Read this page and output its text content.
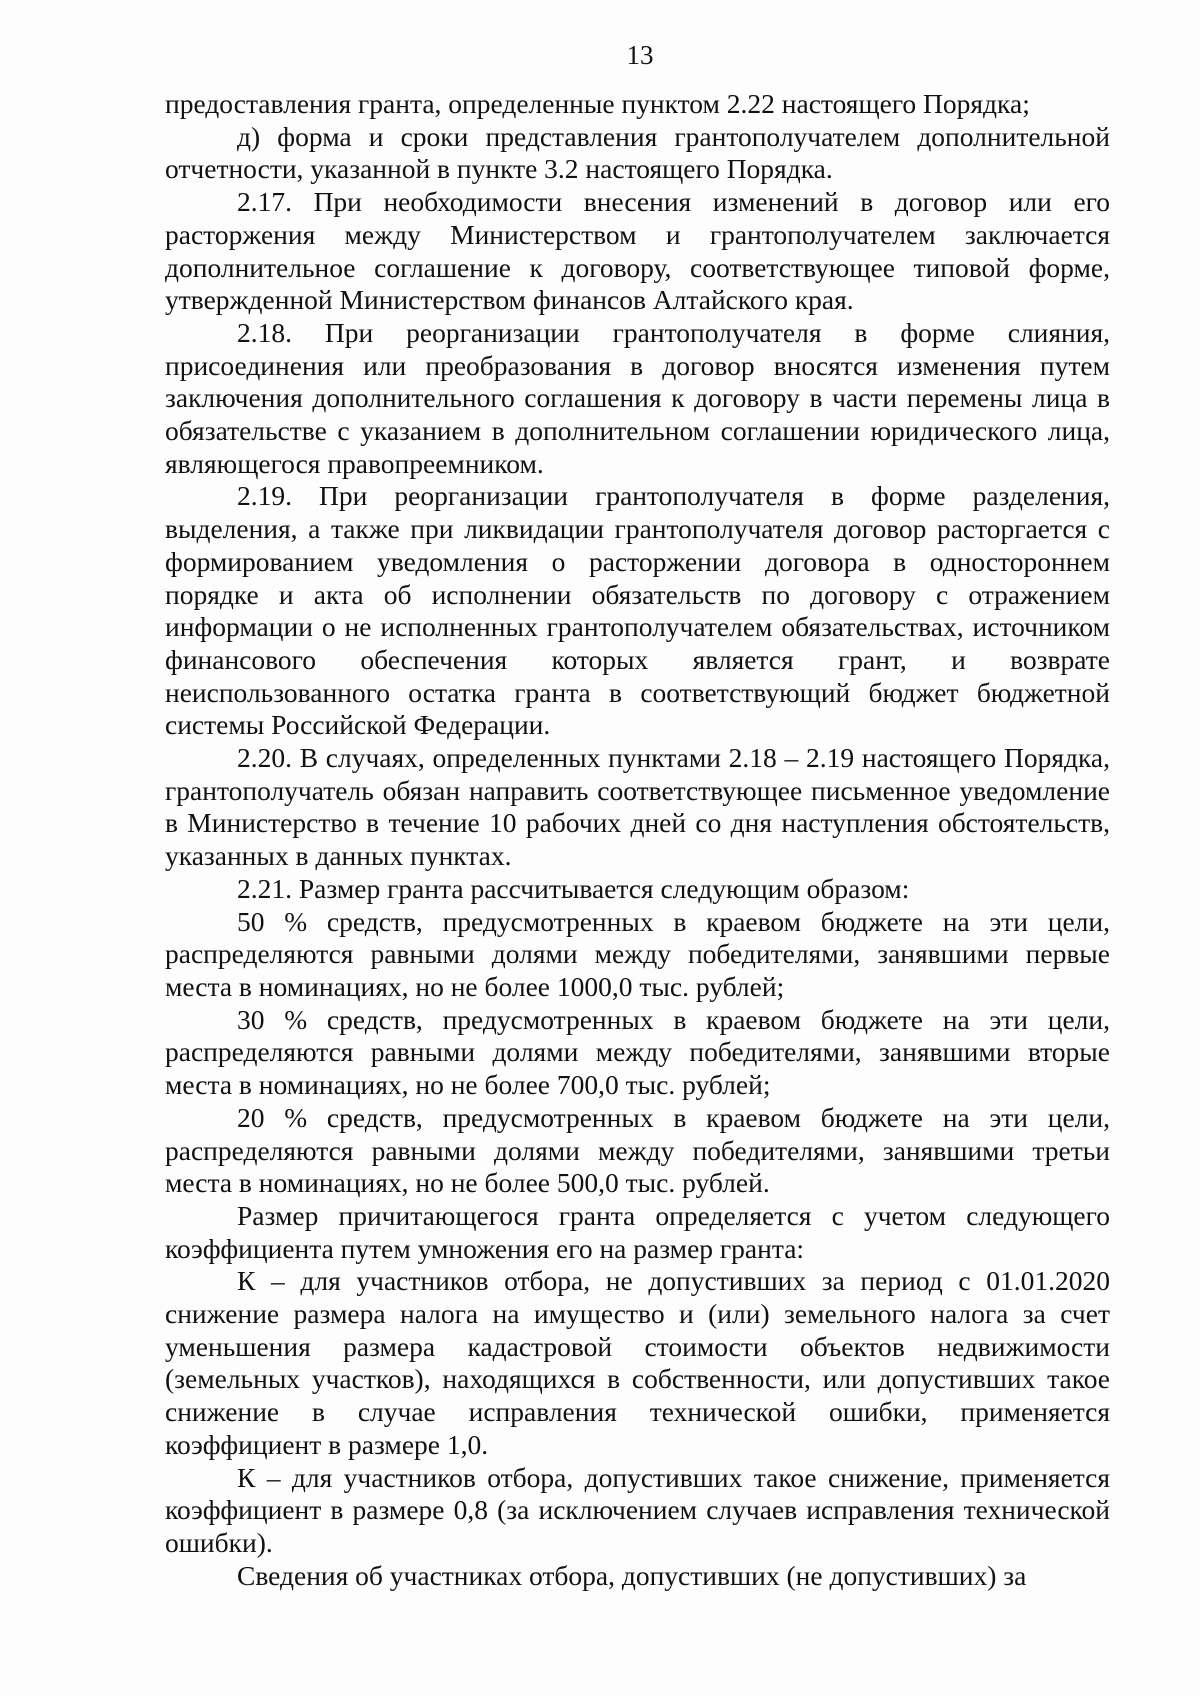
13

предоставления гранта, определенные пунктом 2.22 настоящего Порядка;

д) форма и сроки представления грантополучателем дополнительной отчетности, указанной в пункте 3.2 настоящего Порядка.

2.17. При необходимости внесения изменений в договор или его расторжения между Министерством и грантополучателем заключается дополнительное соглашение к договору, соответствующее типовой форме, утвержденной Министерством финансов Алтайского края.

2.18. При реорганизации грантополучателя в форме слияния, присоединения или преобразования в договор вносятся изменения путем заключения дополнительного соглашения к договору в части перемены лица в обязательстве с указанием в дополнительном соглашении юридического лица, являющегося правопреемником.

2.19. При реорганизации грантополучателя в форме разделения, выделения, а также при ликвидации грантополучателя договор расторгается с формированием уведомления о расторжении договора в одностороннем порядке и акта об исполнении обязательств по договору с отражением информации о не исполненных грантополучателем обязательствах, источником финансового обеспечения которых является грант, и возврате неиспользованного остатка гранта в соответствующий бюджет бюджетной системы Российской Федерации.

2.20. В случаях, определенных пунктами 2.18 – 2.19 настоящего Порядка, грантополучатель обязан направить соответствующее письменное уведомление в Министерство в течение 10 рабочих дней со дня наступления обстоятельств, указанных в данных пунктах.

2.21. Размер гранта рассчитывается следующим образом:

50 % средств, предусмотренных в краевом бюджете на эти цели, распределяются равными долями между победителями, занявшими первые места в номинациях, но не более 1000,0 тыс. рублей;

30 % средств, предусмотренных в краевом бюджете на эти цели, распределяются равными долями между победителями, занявшими вторые места в номинациях, но не более 700,0 тыс. рублей;

20 % средств, предусмотренных в краевом бюджете на эти цели, распределяются равными долями между победителями, занявшими третьи места в номинациях, но не более 500,0 тыс. рублей.

Размер причитающегося гранта определяется с учетом следующего коэффициента путем умножения его на размер гранта:

К – для участников отбора, не допустивших за период с 01.01.2020 снижение размера налога на имущество и (или) земельного налога за счет уменьшения размера кадастровой стоимости объектов недвижимости (земельных участков), находящихся в собственности, или допустивших такое снижение в случае исправления технической ошибки, применяется коэффициент в размере 1,0.

К – для участников отбора, допустивших такое снижение, применяется коэффициент в размере 0,8 (за исключением случаев исправления технической ошибки).

Сведения об участниках отбора, допустивших (не допустивших) за
